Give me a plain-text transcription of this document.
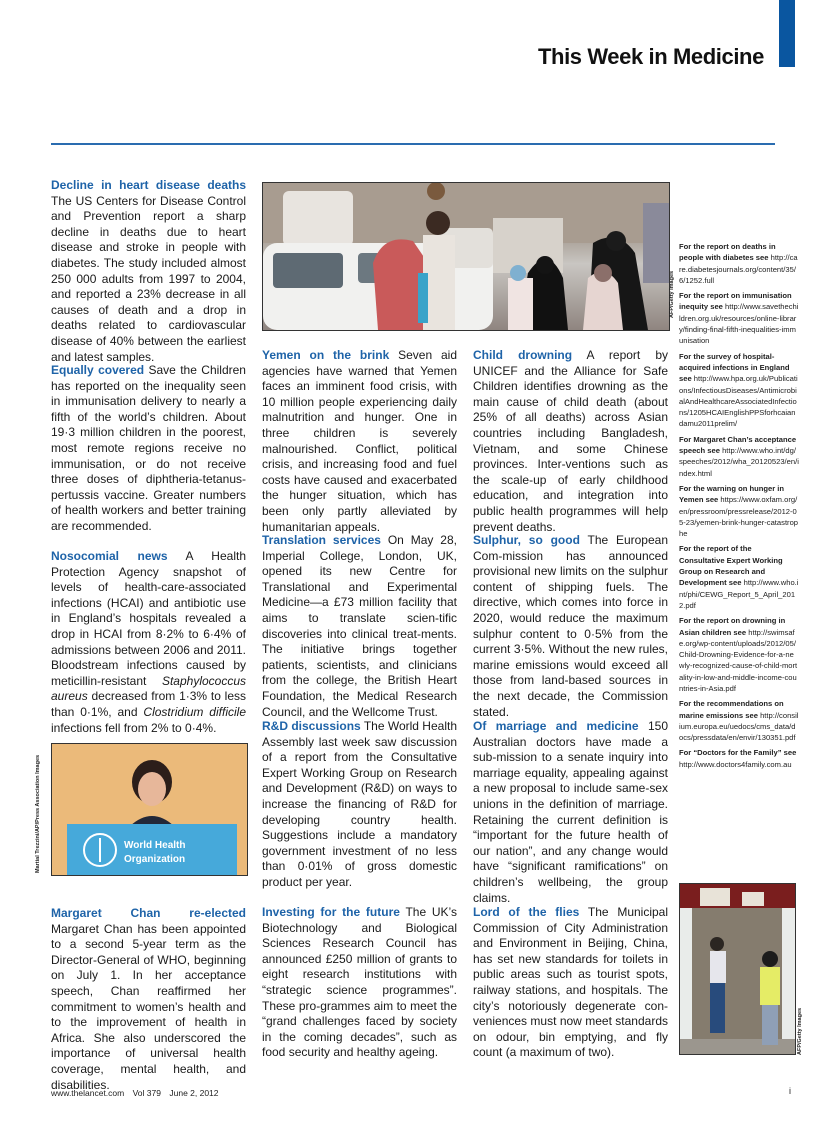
This Week in Medicine

Decline in heart disease deaths The US Centers for Disease Control and Prevention report a sharp decline in deaths due to heart disease and stroke in people with diabetes. The study included almost 250 000 adults from 1997 to 2004, and reported a 23% decrease in all causes of death and a drop in deaths related to cardiovascular disease of 40% between the earliest and latest samples.

Equally covered Save the Children has reported on the inequality seen in immunisation delivery to nearly a fifth of the world’s children. About 19·3 million children in the poorest, most remote regions receive no immunisation, or do not receive three doses of diphtheria-tetanus-pertussis vaccine. Greater numbers of health workers and better training are recommended.

Nosocomial news A Health Protection Agency snapshot of levels of health-care-associated infections (HCAI) and antibiotic use in England’s hospitals revealed a drop in HCAI from 8·2% to 6·4% of admissions between 2006 and 2011. Bloodstream infections caused by meticillin-resistant Staphylococcus aureus decreased from 1·3% to less than 0·1%, and Clostridium difficile infections fell from 2% to 0·4%.

Margaret Chan re-elected Margaret Chan has been appointed to a second 5-year term as the Director-General of WHO, beginning on July 1. In her acceptance speech, Chan reaffirmed her commitment to women’s health and to the improvement of health in Africa. She also underscored the importance of universal health coverage, mental health, and disabilities.

Yemen on the brink Seven aid agencies have warned that Yemen faces an imminent food crisis, with 10 million people experiencing daily malnutrition and hunger. One in three children is severely malnourished. Conflict, political crisis, and increasing food and fuel costs have caused and exacerbated the hunger situation, which has been only partly alleviated by humanitarian appeals.

Translation services On May 28, Imperial College, London, UK, opened its new Centre for Translational and Experimental Medicine—a £73 million facility that aims to translate scien-tific discoveries into clinical treat-ments. The initiative brings together patients, scientists, and clinicians from the college, the British Heart Foundation, the Medical Research Council, and the Wellcome Trust.

R&D discussions The World Health Assembly last week saw discussion of a report from the Consultative Expert Working Group on Research and Development (R&D) on ways to increase the financing of R&D for developing country health. Suggestions include a mandatory government investment of no less than 0·01% of gross domestic product per year.

Investing for the future The UK’s Biotechnology and Biological Sciences Research Council has announced £250 million of grants to eight research institutions with “strategic science programmes”. These pro-grammes aim to meet the “grand challenges faced by society in the coming decades”, such as food security and healthy ageing.

Child drowning A report by UNICEF and the Alliance for Safe Children identifies drowning as the main cause of child death (about 25% of all deaths) across Asian countries including Bangladesh, Vietnam, and some Chinese provinces. Inter-ventions such as the scale-up of early childhood education, and integration into public health programmes will help prevent deaths.

Sulphur, so good The European Com-mission has announced provisional new limits on the sulphur content of shipping fuels. The directive, which comes into force in 2020, would reduce the maximum sulphur content to 0·5% from the current 3·5%. Without the new rules, marine emissions would exceed all those from land-based sources in the next decade, the Commission stated.

Of marriage and medicine 150 Australian doctors have made a sub-mission to a senate inquiry into marriage equality, appealing against a new proposal to include same-sex unions in the definition of marriage. Retaining the current definition is “important for the future health of our nation”, and any change would have “significant ramifications” on children’s wellbeing, the group claims.

Lord of the flies The Municipal Commission of City Administration and Environment in Beijing, China, has set new standards for toilets in public areas such as tourist spots, railway stations, and hospitals. The city’s notoriously degenerate con-veniences must now meet standards on odour, bin emptying, and fly count (a maximum of two).

AFP/Getty Images
World Health
Organization
Martial Trezzini/AP/Press Association Images
AFP/Getty Images

For the report on deaths in people with diabetes see http://care.diabetesjournals.org/content/35/6/1252.full

For the report on immunisation inequity see http://www.savethechildren.org.uk/resources/online-library/finding-final-fifth-inequalities-immunisation

For the survey of hospital-acquired infections in England see http://www.hpa.org.uk/Publications/InfectiousDiseases/AntimicrobialAndHealthcareAssociatedInfections/1205HCAIEnglishPPSforhcaiandamu2011prelim/

For Margaret Chan’s acceptance speech see http://www.who.int/dg/speeches/2012/wha_20120523/en/index.html

For the warning on hunger in Yemen see https://www.oxfam.org/en/pressroom/pressrelease/2012-05-23/yemen-brink-hunger-catastrophe

For the report of the Consultative Expert Working Group on Research and Development see http://www.who.int/phi/CEWG_Report_5_April_2012.pdf

For the report on drowning in Asian children see http://swimsafe.org/wp-content/uploads/2012/05/Child-Drowning-Evidence-for-a-newly-recognized-cause-of-child-mortality-in-low-and-middle-income-countries-in-Asia.pdf

For the recommendations on marine emissions see http://consilium.europa.eu/uedocs/cms_data/docs/pressdata/en/envir/130351.pdf

For “Doctors for the Family” see http://www.doctors4family.com.au

www.thelancet.com Vol 379 June 2, 2012	i
